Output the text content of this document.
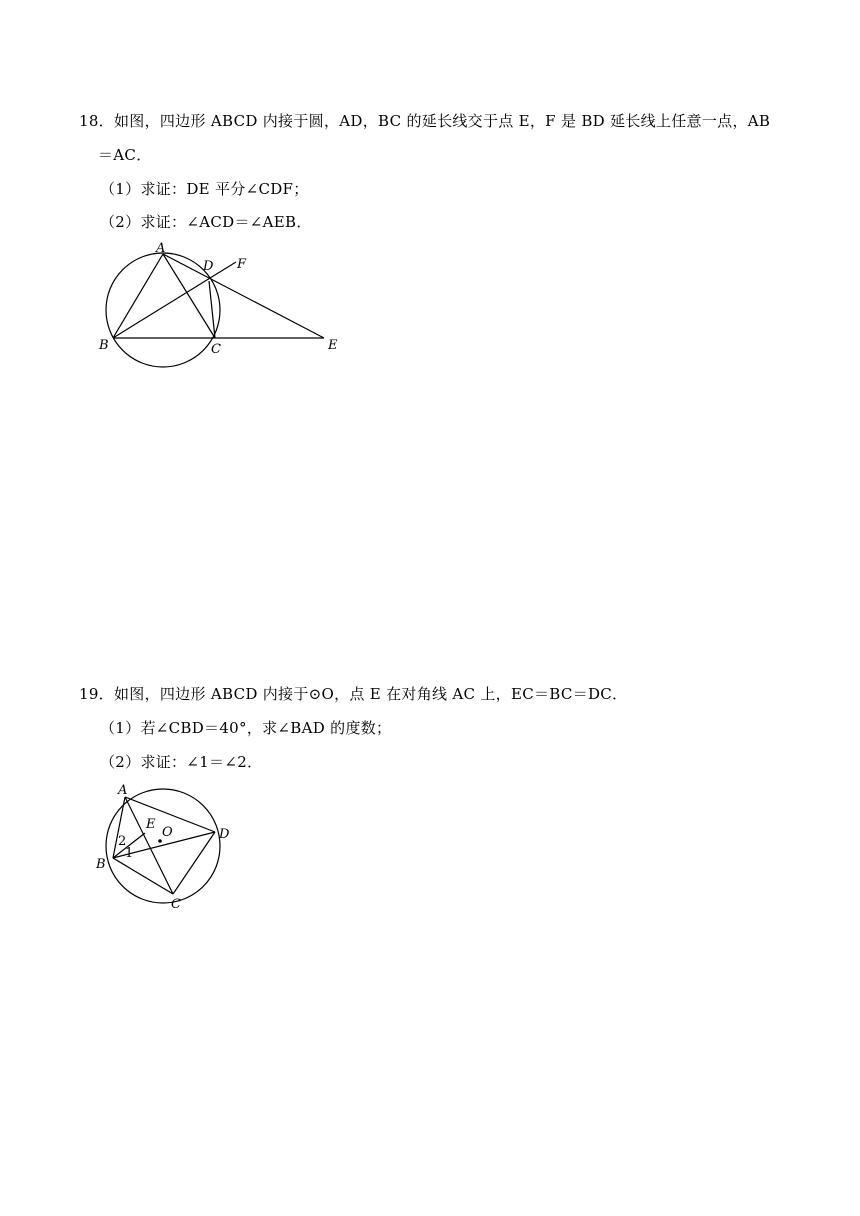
18．如图，四边形 ABCD 内接于圆，AD，BC 的延长线交于点 E，F 是 BD 延长线上任意一点，AB
＝AC．
（1）求证：DE 平分∠CDF；
（2）求证：∠ACD＝∠AEB．
A
D F
B	C	E
19．如图，四边形 ABCD 内接于⊙O，点 E 在对角线 AC 上，EC＝BC＝DC．
（1）若∠CBD＝40°，求∠BAD 的度数；
（2）求证：∠1＝∠2．
A
E
O	D
2
1
B
C
